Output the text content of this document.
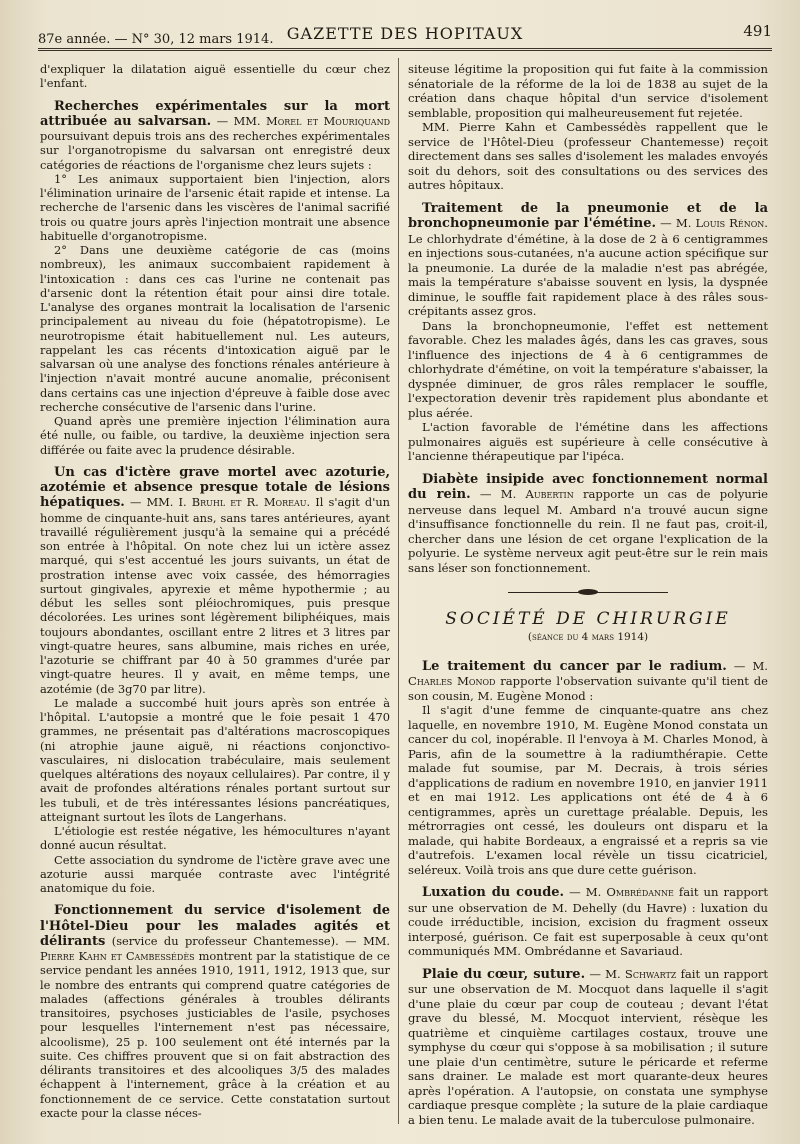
87e année. — N° 30, 12 mars 1914. GAZETTE DES HOPITAUX	491

d'expliquer la dilatation aiguë essentielle du cœur chez l'enfant.

Recherches expérimentales sur la mort attribuée au salvarsan. — MM. Morel et Mouriquand poursuivant depuis trois ans des recherches expérimentales sur l'organotropisme du salvarsan ont enregistré deux catégories de réactions de l'organisme chez leurs sujets :

1° Les animaux supportaient bien l'injection, alors l'élimination urinaire de l'arsenic était rapide et intense. La recherche de l'arsenic dans les viscères de l'animal sacrifié trois ou quatre jours après l'injection montrait une absence habituelle d'organotropisme.

2° Dans une deuxième catégorie de cas (moins nombreux), les animaux succombaient rapidement à l'intoxication : dans ces cas l'urine ne contenait pas d'arsenic dont la rétention était pour ainsi dire totale. L'analyse des organes montrait la localisation de l'arsenic principalement au niveau du foie (hépatotropisme). Le neurotropisme était habituellement nul. Les auteurs, rappelant les cas récents d'intoxication aiguë par le salvarsan où une analyse des fonctions rénales antérieure à l'injection n'avait montré aucune anomalie, préconisent dans certains cas une injection d'épreuve à faible dose avec recherche consécutive de l'arsenic dans l'urine.

Quand après une première injection l'élimination aura été nulle, ou faible, ou tardive, la deuxième injection sera différée ou faite avec la prudence désirable.

Un cas d'ictère grave mortel avec azoturie, azotémie et absence presque totale de lésions hépatiques. — MM. I. Bruhl et R. Moreau. Il s'agit d'un homme de cinquante-huit ans, sans tares antérieures, ayant travaillé régulièrement jusqu'à la semaine qui a précédé son entrée à l'hôpital. On note chez lui un ictère assez marqué, qui s'est accentué les jours suivants, un état de prostration intense avec voix cassée, des hémorragies surtout gingivales, apyrexie et même hypothermie ; au début les selles sont pléiochromiques, puis presque décolorées. Les urines sont légèrement biliphéiques, mais toujours abondantes, oscillant entre 2 litres et 3 litres par vingt-quatre heures, sans albumine, mais riches en urée, l'azoturie se chiffrant par 40 à 50 grammes d'urée par vingt-quatre heures. Il y avait, en même temps, une azotémie (de 3g70 par litre).

Le malade a succombé huit jours après son entrée à l'hôpital. L'autopsie a montré que le foie pesait 1 470 grammes, ne présentait pas d'altérations macroscopiques (ni atrophie jaune aiguë, ni réactions conjonctivo-vasculaires, ni dislocation trabéculaire, mais seulement quelques altérations des noyaux cellulaires). Par contre, il y avait de profondes altérations rénales portant surtout sur les tubuli, et de très intéressantes lésions pancréatiques, atteignant surtout les îlots de Langerhans.

L'étiologie est restée négative, les hémocultures n'ayant donné aucun résultat.

Cette association du syndrome de l'ictère grave avec une azoturie aussi marquée contraste avec l'intégrité anatomique du foie.

Fonctionnement du service d'isolement de l'Hôtel-Dieu pour les malades agités et délirants (service du professeur Chantemesse). — MM. Pierre Kahn et Cambessédès montrent par la statistique de ce service pendant les années 1910, 1911, 1912, 1913 que, sur le nombre des entrants qui comprend quatre catégories de malades (affections générales à troubles délirants transitoires, psychoses justiciables de l'asile, psychoses pour lesquelles l'internement n'est pas nécessaire, alcoolisme), 25 p. 100 seulement ont été internés par la suite. Ces chiffres prouvent que si on fait abstraction des délirants transitoires et des alcooliques 3/5 des malades échappent à l'internement, grâce à la création et au fonctionnement de ce service. Cette constatation surtout exacte pour la classe néces-

siteuse légitime la proposition qui fut faite à la commission sénatoriale de la réforme de la loi de 1838 au sujet de la création dans chaque hôpital d'un service d'isolement semblable, proposition qui malheureusement fut rejetée.

MM. Pierre Kahn et Cambessédès rappellent que le service de l'Hôtel-Dieu (professeur Chantemesse) reçoit directement dans ses salles d'isolement les malades envoyés soit du dehors, soit des consultations ou des services des autres hôpitaux.

Traitement de la pneumonie et de la bronchopneumonie par l'émétine. — M. Louis Rénon. Le chlorhydrate d'émétine, à la dose de 2 à 6 centigrammes en injections sous-cutanées, n'a aucune action spécifique sur la pneumonie. La durée de la maladie n'est pas abrégée, mais la température s'abaisse souvent en lysis, la dyspnée diminue, le souffle fait rapidement place à des râles sous-crépitants assez gros.

Dans la bronchopneumonie, l'effet est nettement favorable. Chez les malades âgés, dans les cas graves, sous l'influence des injections de 4 à 6 centigrammes de chlorhydrate d'émétine, on voit la température s'abaisser, la dyspnée diminuer, de gros râles remplacer le souffle, l'expectoration devenir très rapidement plus abondante et plus aérée.

L'action favorable de l'émétine dans les affections pulmonaires aiguës est supérieure à celle consécutive à l'ancienne thérapeutique par l'ipéca.

Diabète insipide avec fonctionnement normal du rein. — M. Aubertin rapporte un cas de polyurie nerveuse dans lequel M. Ambard n'a trouvé aucun signe d'insuffisance fonctionnelle du rein. Il ne faut pas, croit-il, chercher dans une lésion de cet organe l'explication de la polyurie. Le système nerveux agit peut-être sur le rein mais sans léser son fonctionnement.

SOCIÉTÉ DE CHIRURGIE
(séance du 4 mars 1914)

Le traitement du cancer par le radium. — M. Charles Monod rapporte l'observation suivante qu'il tient de son cousin, M. Eugène Monod :

Il s'agit d'une femme de cinquante-quatre ans chez laquelle, en novembre 1910, M. Eugène Monod constata un cancer du col, inopérable. Il l'envoya à M. Charles Monod, à Paris, afin de la soumettre à la radiumthérapie. Cette malade fut soumise, par M. Decrais, à trois séries d'applications de radium en novembre 1910, en janvier 1911 et en mai 1912. Les applications ont été de 4 à 6 centigrammes, après un curettage préalable. Depuis, les métrorragies ont cessé, les douleurs ont disparu et la malade, qui habite Bordeaux, a engraissé et a repris sa vie d'autrefois. L'examen local révèle un tissu cicatriciel, seléreux. Voilà trois ans que dure cette guérison.

Luxation du coude. — M. Ombrédanne fait un rapport sur une observation de M. Dehelly (du Havre) : luxation du coude irréductible, incision, excision du fragment osseux interposé, guérison. Ce fait est superposable à ceux qu'ont communiqués MM. Ombrédanne et Savariaud.

Plaie du cœur, suture. — M. Schwartz fait un rapport sur une observation de M. Mocquot dans laquelle il s'agit d'une plaie du cœur par coup de couteau ; devant l'état grave du blessé, M. Mocquot intervient, résèque les quatrième et cinquième cartilages costaux, trouve une symphyse du cœur qui s'oppose à sa mobilisation ; il suture une plaie d'un centimètre, suture le péricarde et referme sans drainer. Le malade est mort quarante-deux heures après l'opération. A l'autopsie, on constata une symphyse cardiaque presque complète ; la suture de la plaie cardiaque a bien tenu. Le malade avait de la tuberculose pulmonaire.
